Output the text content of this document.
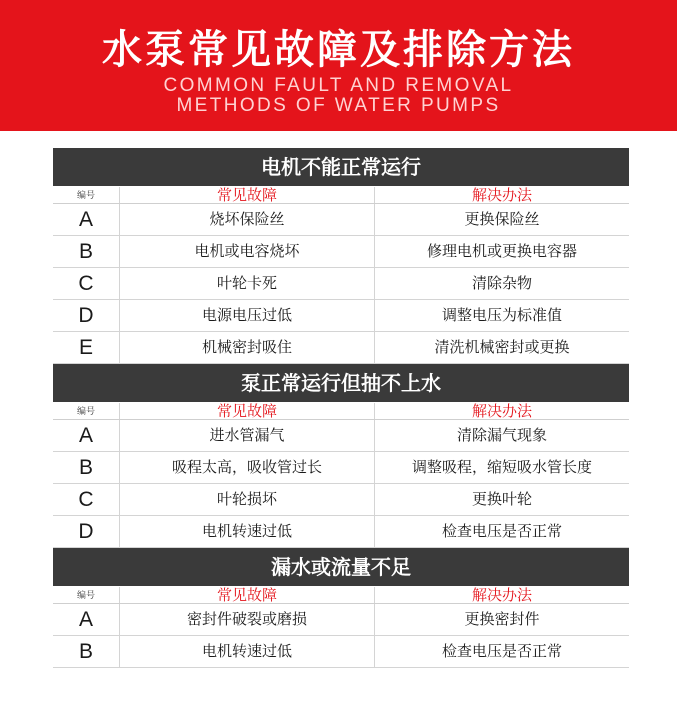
水泵常见故障及排除方法
COMMON FAULT AND REMOVAL
METHODS OF WATER PUMPS
电机不能正常运行
编号	常见故障	解决办法
A	烧坏保险丝	更换保险丝
B	电机或电容烧坏	修理电机或更换电容器
C	叶轮卡死	清除杂物
D	电源电压过低	调整电压为标准值
E	机械密封吸住	清洗机械密封或更换
泵正常运行但抽不上水
编号	常见故障	解决办法
A	进水管漏气	清除漏气现象
B	吸程太高，吸收管过长	调整吸程，缩短吸水管长度
C	叶轮损坏	更换叶轮
D	电机转速过低	检查电压是否正常
漏水或流量不足
编号	常见故障	解决办法
A	密封件破裂或磨损	更换密封件
B	电机转速过低	检查电压是否正常
